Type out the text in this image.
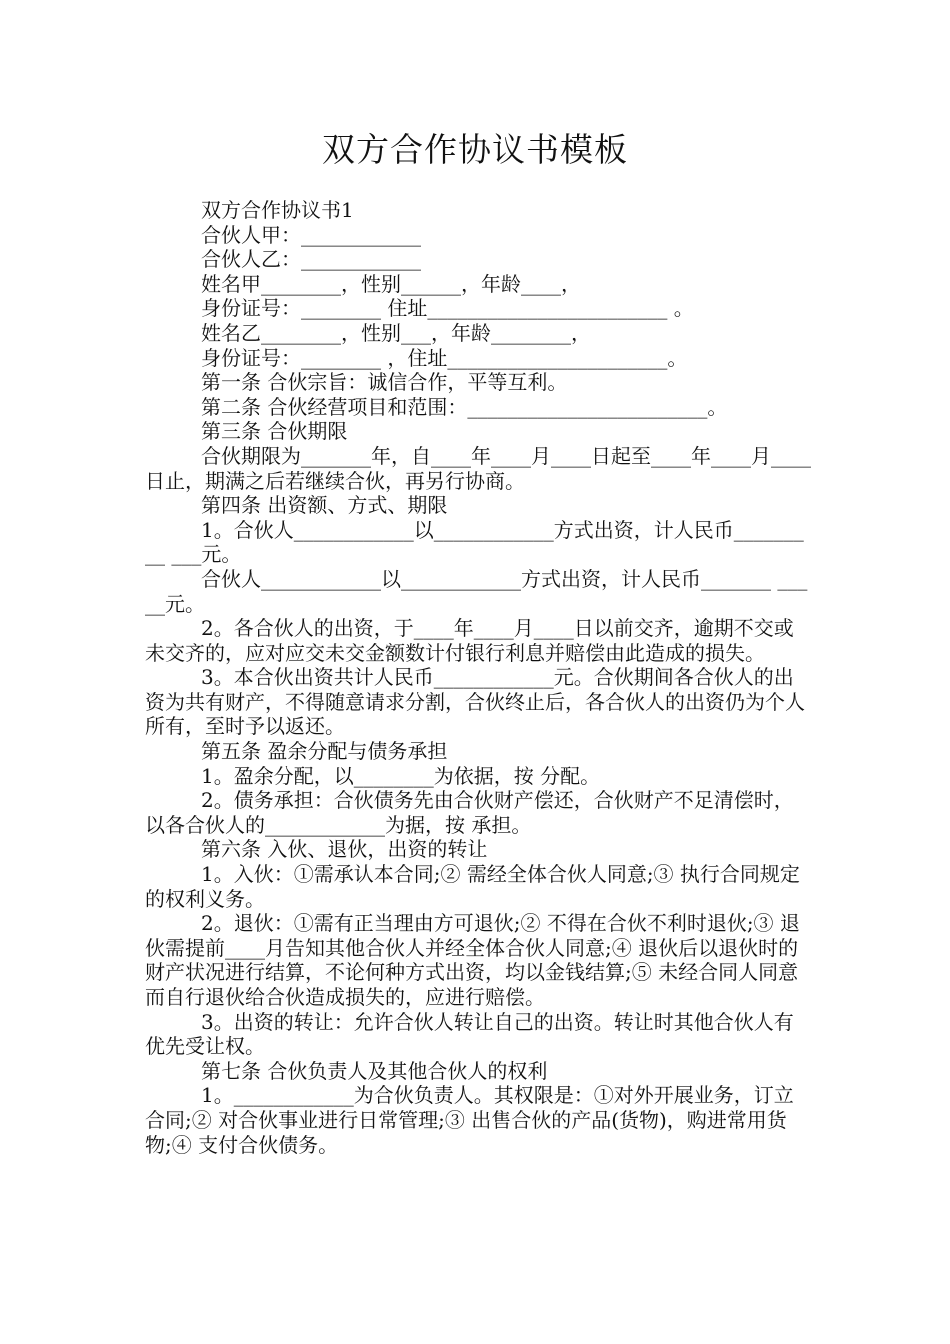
双方合作协议书模板

双方合作协议书1

合伙人甲：____________

合伙人乙：____________

姓名甲________，性别______，年龄____，

身份证号：________ 住址________________________ 。

姓名乙________，性别___，年龄________，

身份证号：________ ，住址______________________。

第一条 合伙宗旨：诚信合作，平等互利。

第二条 合伙经营项目和范围：________________________。

第三条 合伙期限

合伙期限为_______年，自____年____月____日起至____年____月____日止，期满之后若继续合伙，再另行协商。

第四条 出资额、方式、期限

1。合伙人____________以____________方式出资，计人民币_________ ___元。

合伙人____________以____________方式出资，计人民币_______ _____元。

2。各合伙人的出资，于____年____月____日以前交齐，逾期不交或未交齐的，应对应交未交金额数计付银行利息并赔偿由此造成的损失。

3。本合伙出资共计人民币____________元。合伙期间各合伙人的出资为共有财产，不得随意请求分割，合伙终止后，各合伙人的出资仍为个人所有，至时予以返还。

第五条 盈余分配与债务承担

1。盈余分配，以________为依据，按 分配。

2。债务承担：合伙债务先由合伙财产偿还，合伙财产不足清偿时，以各合伙人的____________为据，按 承担。

第六条 入伙、退伙，出资的转让

1。入伙：①需承认本合同;② 需经全体合伙人同意;③ 执行合同规定的权利义务。

2。退伙：①需有正当理由方可退伙;② 不得在合伙不利时退伙;③ 退伙需提前____月告知其他合伙人并经全体合伙人同意;④ 退伙后以退伙时的财产状况进行结算，不论何种方式出资，均以金钱结算;⑤ 未经合同人同意而自行退伙给合伙造成损失的，应进行赔偿。

3。出资的转让：允许合伙人转让自己的出资。转让时其他合伙人有优先受让权。

第七条 合伙负责人及其他合伙人的权利

1。____________为合伙负责人。其权限是：①对外开展业务，订立合同;② 对合伙事业进行日常管理;③ 出售合伙的产品(货物)，购进常用货物;④ 支付合伙债务。
